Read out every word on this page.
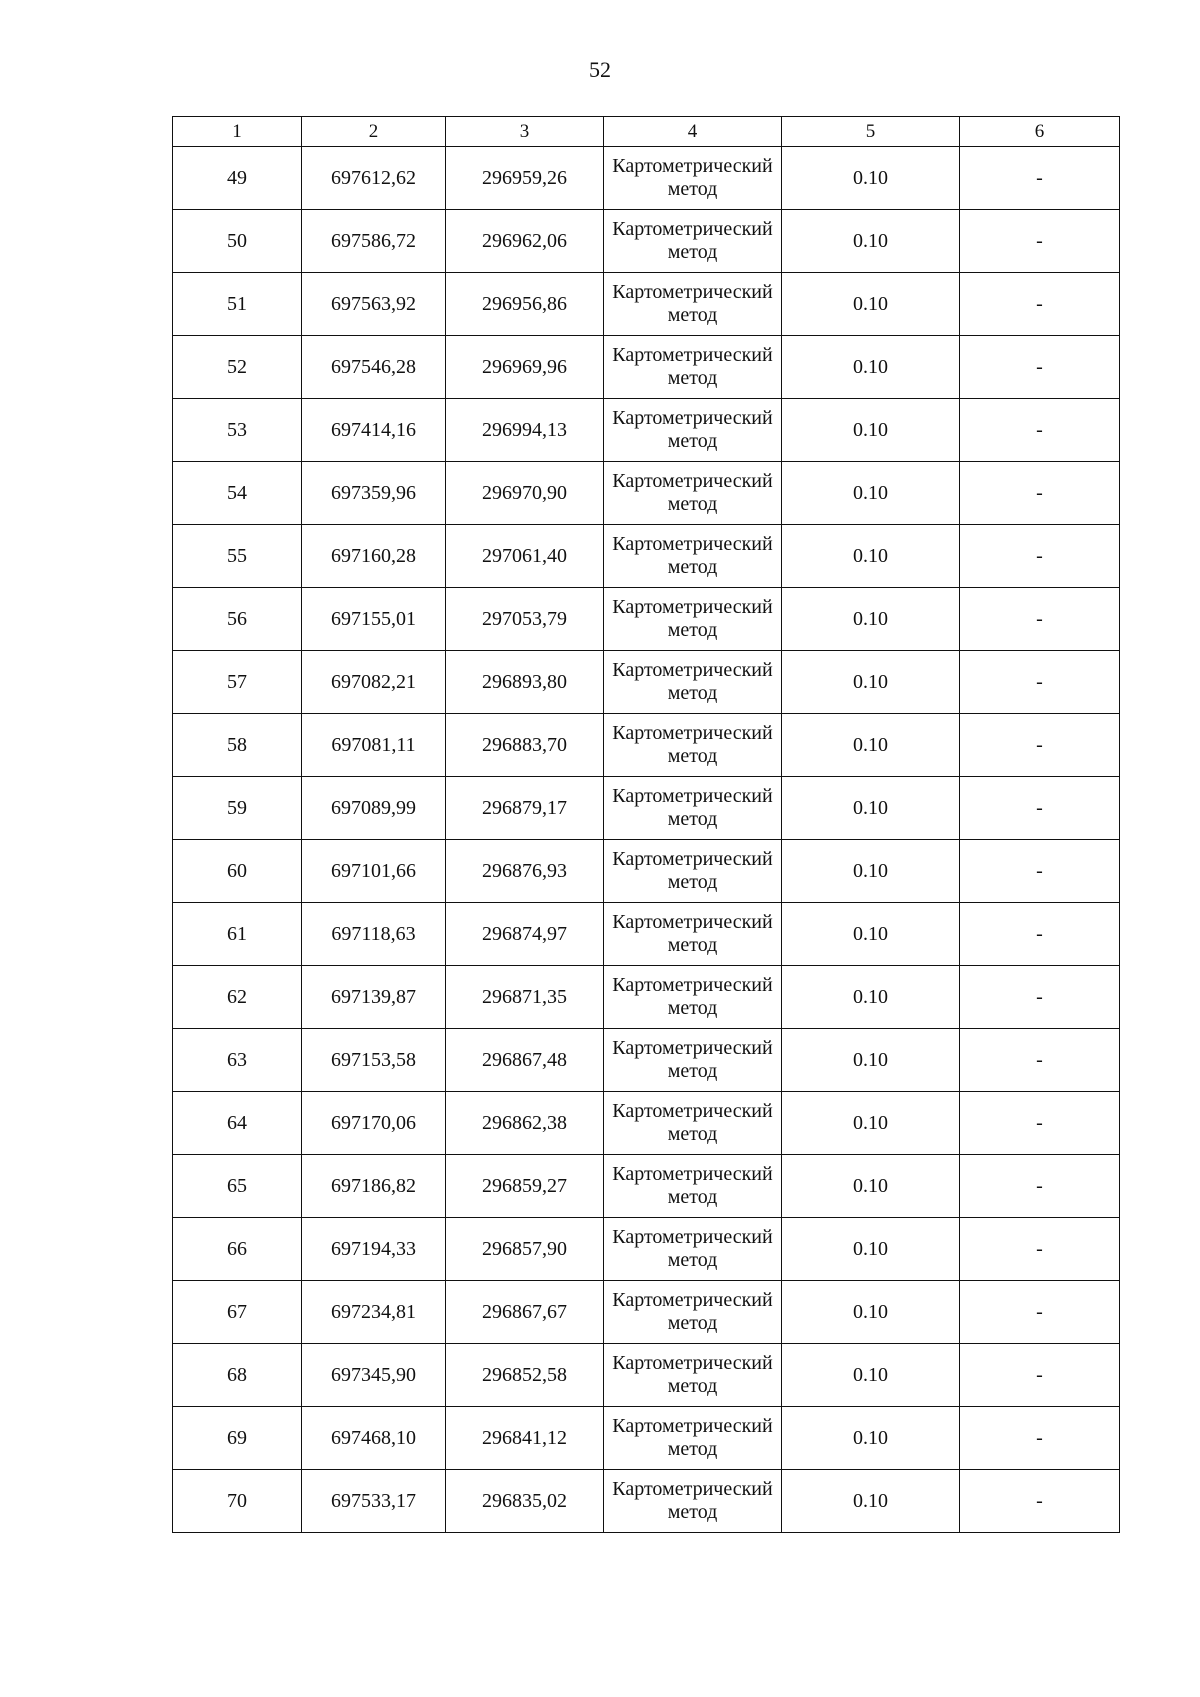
52
1	2	3	4	5	6
49	697612,62	296959,26	Картометрический метод	0.10	-
50	697586,72	296962,06	Картометрический метод	0.10	-
51	697563,92	296956,86	Картометрический метод	0.10	-
52	697546,28	296969,96	Картометрический метод	0.10	-
53	697414,16	296994,13	Картометрический метод	0.10	-
54	697359,96	296970,90	Картометрический метод	0.10	-
55	697160,28	297061,40	Картометрический метод	0.10	-
56	697155,01	297053,79	Картометрический метод	0.10	-
57	697082,21	296893,80	Картометрический метод	0.10	-
58	697081,11	296883,70	Картометрический метод	0.10	-
59	697089,99	296879,17	Картометрический метод	0.10	-
60	697101,66	296876,93	Картометрический метод	0.10	-
61	697118,63	296874,97	Картометрический метод	0.10	-
62	697139,87	296871,35	Картометрический метод	0.10	-
63	697153,58	296867,48	Картометрический метод	0.10	-
64	697170,06	296862,38	Картометрический метод	0.10	-
65	697186,82	296859,27	Картометрический метод	0.10	-
66	697194,33	296857,90	Картометрический метод	0.10	-
67	697234,81	296867,67	Картометрический метод	0.10	-
68	697345,90	296852,58	Картометрический метод	0.10	-
69	697468,10	296841,12	Картометрический метод	0.10	-
70	697533,17	296835,02	Картометрический метод	0.10	-
